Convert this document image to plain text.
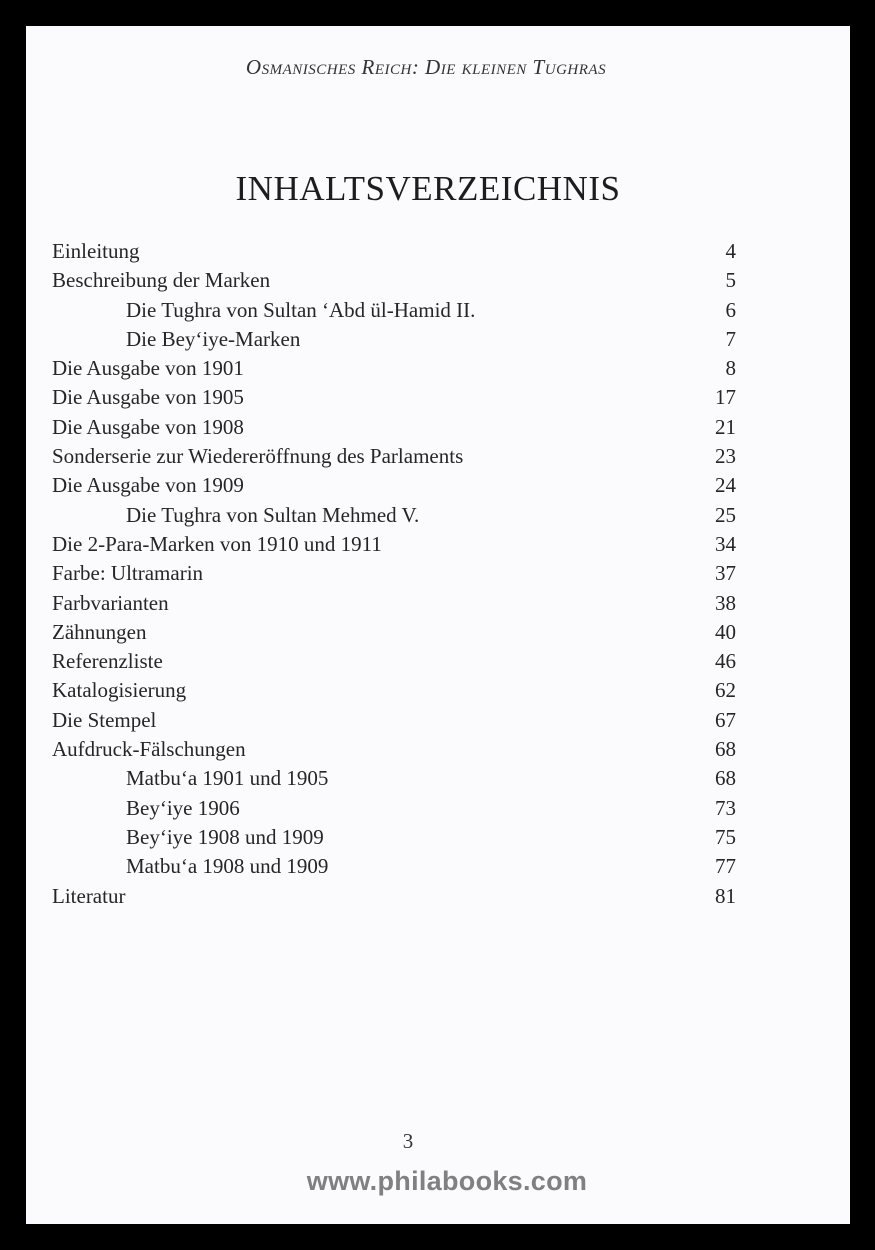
Osmanisches Reich: Die kleinen Tughras
INHALTSVERZEICHNIS
Einleitung	4
Beschreibung der Marken	5
Die Tughra von Sultan ‘Abd ül-Hamid II.	6
Die Bey‘iye-Marken	7
Die Ausgabe von 1901	8
Die Ausgabe von 1905	17
Die Ausgabe von 1908	21
Sonderserie zur Wiedereröffnung des Parlaments	23
Die Ausgabe von 1909	24
Die Tughra von Sultan Mehmed V.	25
Die 2-Para-Marken von 1910 und 1911	34
Farbe: Ultramarin	37
Farbvarianten	38
Zähnungen	40
Referenzliste	46
Katalogisierung	62
Die Stempel	67
Aufdruck-Fälschungen	68
Matbu‘a 1901 und 1905	68
Bey‘iye 1906	73
Bey‘iye 1908 und 1909	75
Matbu‘a 1908 und 1909	77
Literatur	81
3
www.philabooks.com
